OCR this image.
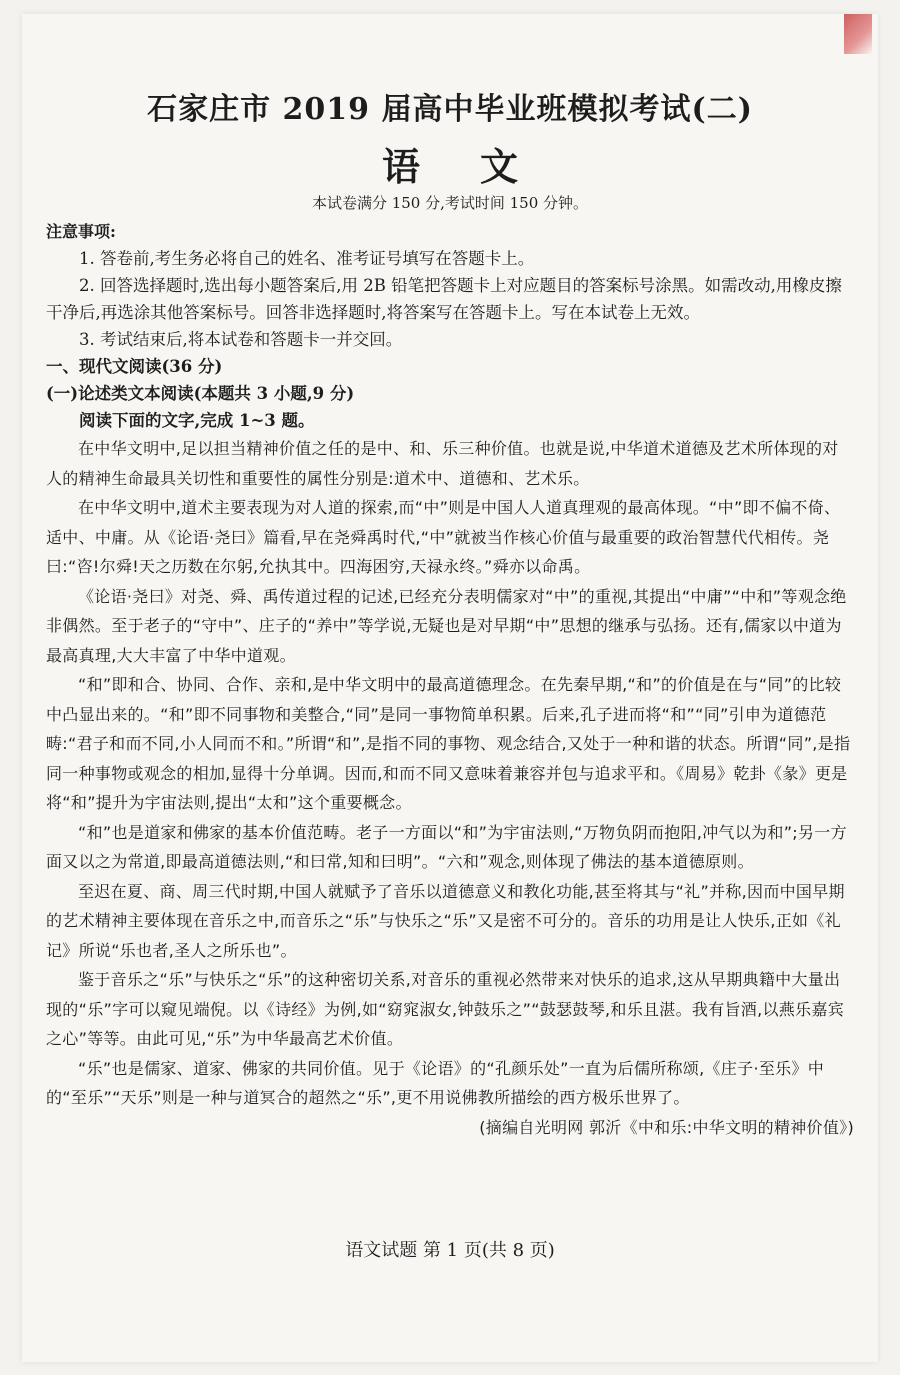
石家庄市 2019 届高中毕业班模拟考试(二)
语文
本试卷满分 150 分,考试时间 150 分钟。

注意事项:

1. 答卷前,考生务必将自己的姓名、准考证号填写在答题卡上。

2. 回答选择题时,选出每小题答案后,用 2B 铅笔把答题卡上对应题目的答案标号涂黑。如需改动,用橡皮擦干净后,再选涂其他答案标号。回答非选择题时,将答案写在答题卡上。写在本试卷上无效。

3. 考试结束后,将本试卷和答题卡一并交回。

一、现代文阅读(36 分)

(一)论述类文本阅读(本题共 3 小题,9 分)

阅读下面的文字,完成 1~3 题。

在中华文明中,足以担当精神价值之任的是中、和、乐三种价值。也就是说,中华道术道德及艺术所体现的对人的精神生命最具关切性和重要性的属性分别是:道术中、道德和、艺术乐。

在中华文明中,道术主要表现为对人道的探索,而“中”则是中国人人道真理观的最高体现。“中”即不偏不倚、适中、中庸。从《论语·尧曰》篇看,早在尧舜禹时代,“中”就被当作核心价值与最重要的政治智慧代代相传。尧曰:“咨!尔舜!天之历数在尔躬,允执其中。四海困穷,天禄永终。”舜亦以命禹。

《论语·尧曰》对尧、舜、禹传道过程的记述,已经充分表明儒家对“中”的重视,其提出“中庸”“中和”等观念绝非偶然。至于老子的“守中”、庄子的“养中”等学说,无疑也是对早期“中”思想的继承与弘扬。还有,儒家以中道为最高真理,大大丰富了中华中道观。

“和”即和合、协同、合作、亲和,是中华文明中的最高道德理念。在先秦早期,“和”的价值是在与“同”的比较中凸显出来的。“和”即不同事物和美整合,“同”是同一事物简单积累。后来,孔子进而将“和”“同”引申为道德范畴:“君子和而不同,小人同而不和。”所谓“和”,是指不同的事物、观念结合,又处于一种和谐的状态。所谓“同”,是指同一种事物或观念的相加,显得十分单调。因而,和而不同又意味着兼容并包与追求平和。《周易》乾卦《彖》更是将“和”提升为宇宙法则,提出“太和”这个重要概念。

“和”也是道家和佛家的基本价值范畴。老子一方面以“和”为宇宙法则,“万物负阴而抱阳,冲气以为和”;另一方面又以之为常道,即最高道德法则,“和曰常,知和曰明”。“六和”观念,则体现了佛法的基本道德原则。

至迟在夏、商、周三代时期,中国人就赋予了音乐以道德意义和教化功能,甚至将其与“礼”并称,因而中国早期的艺术精神主要体现在音乐之中,而音乐之“乐”与快乐之“乐”又是密不可分的。音乐的功用是让人快乐,正如《礼记》所说“乐也者,圣人之所乐也”。

鉴于音乐之“乐”与快乐之“乐”的这种密切关系,对音乐的重视必然带来对快乐的追求,这从早期典籍中大量出现的“乐”字可以窥见端倪。以《诗经》为例,如“窈窕淑女,钟鼓乐之”“鼓瑟鼓琴,和乐且湛。我有旨酒,以燕乐嘉宾之心”等等。由此可见,“乐”为中华最高艺术价值。

“乐”也是儒家、道家、佛家的共同价值。见于《论语》的“孔颜乐处”一直为后儒所称颂,《庄子·至乐》中的“至乐”“天乐”则是一种与道冥合的超然之“乐”,更不用说佛教所描绘的西方极乐世界了。

(摘编自光明网 郭沂《中和乐:中华文明的精神价值》)

语文试题 第 1 页(共 8 页)
